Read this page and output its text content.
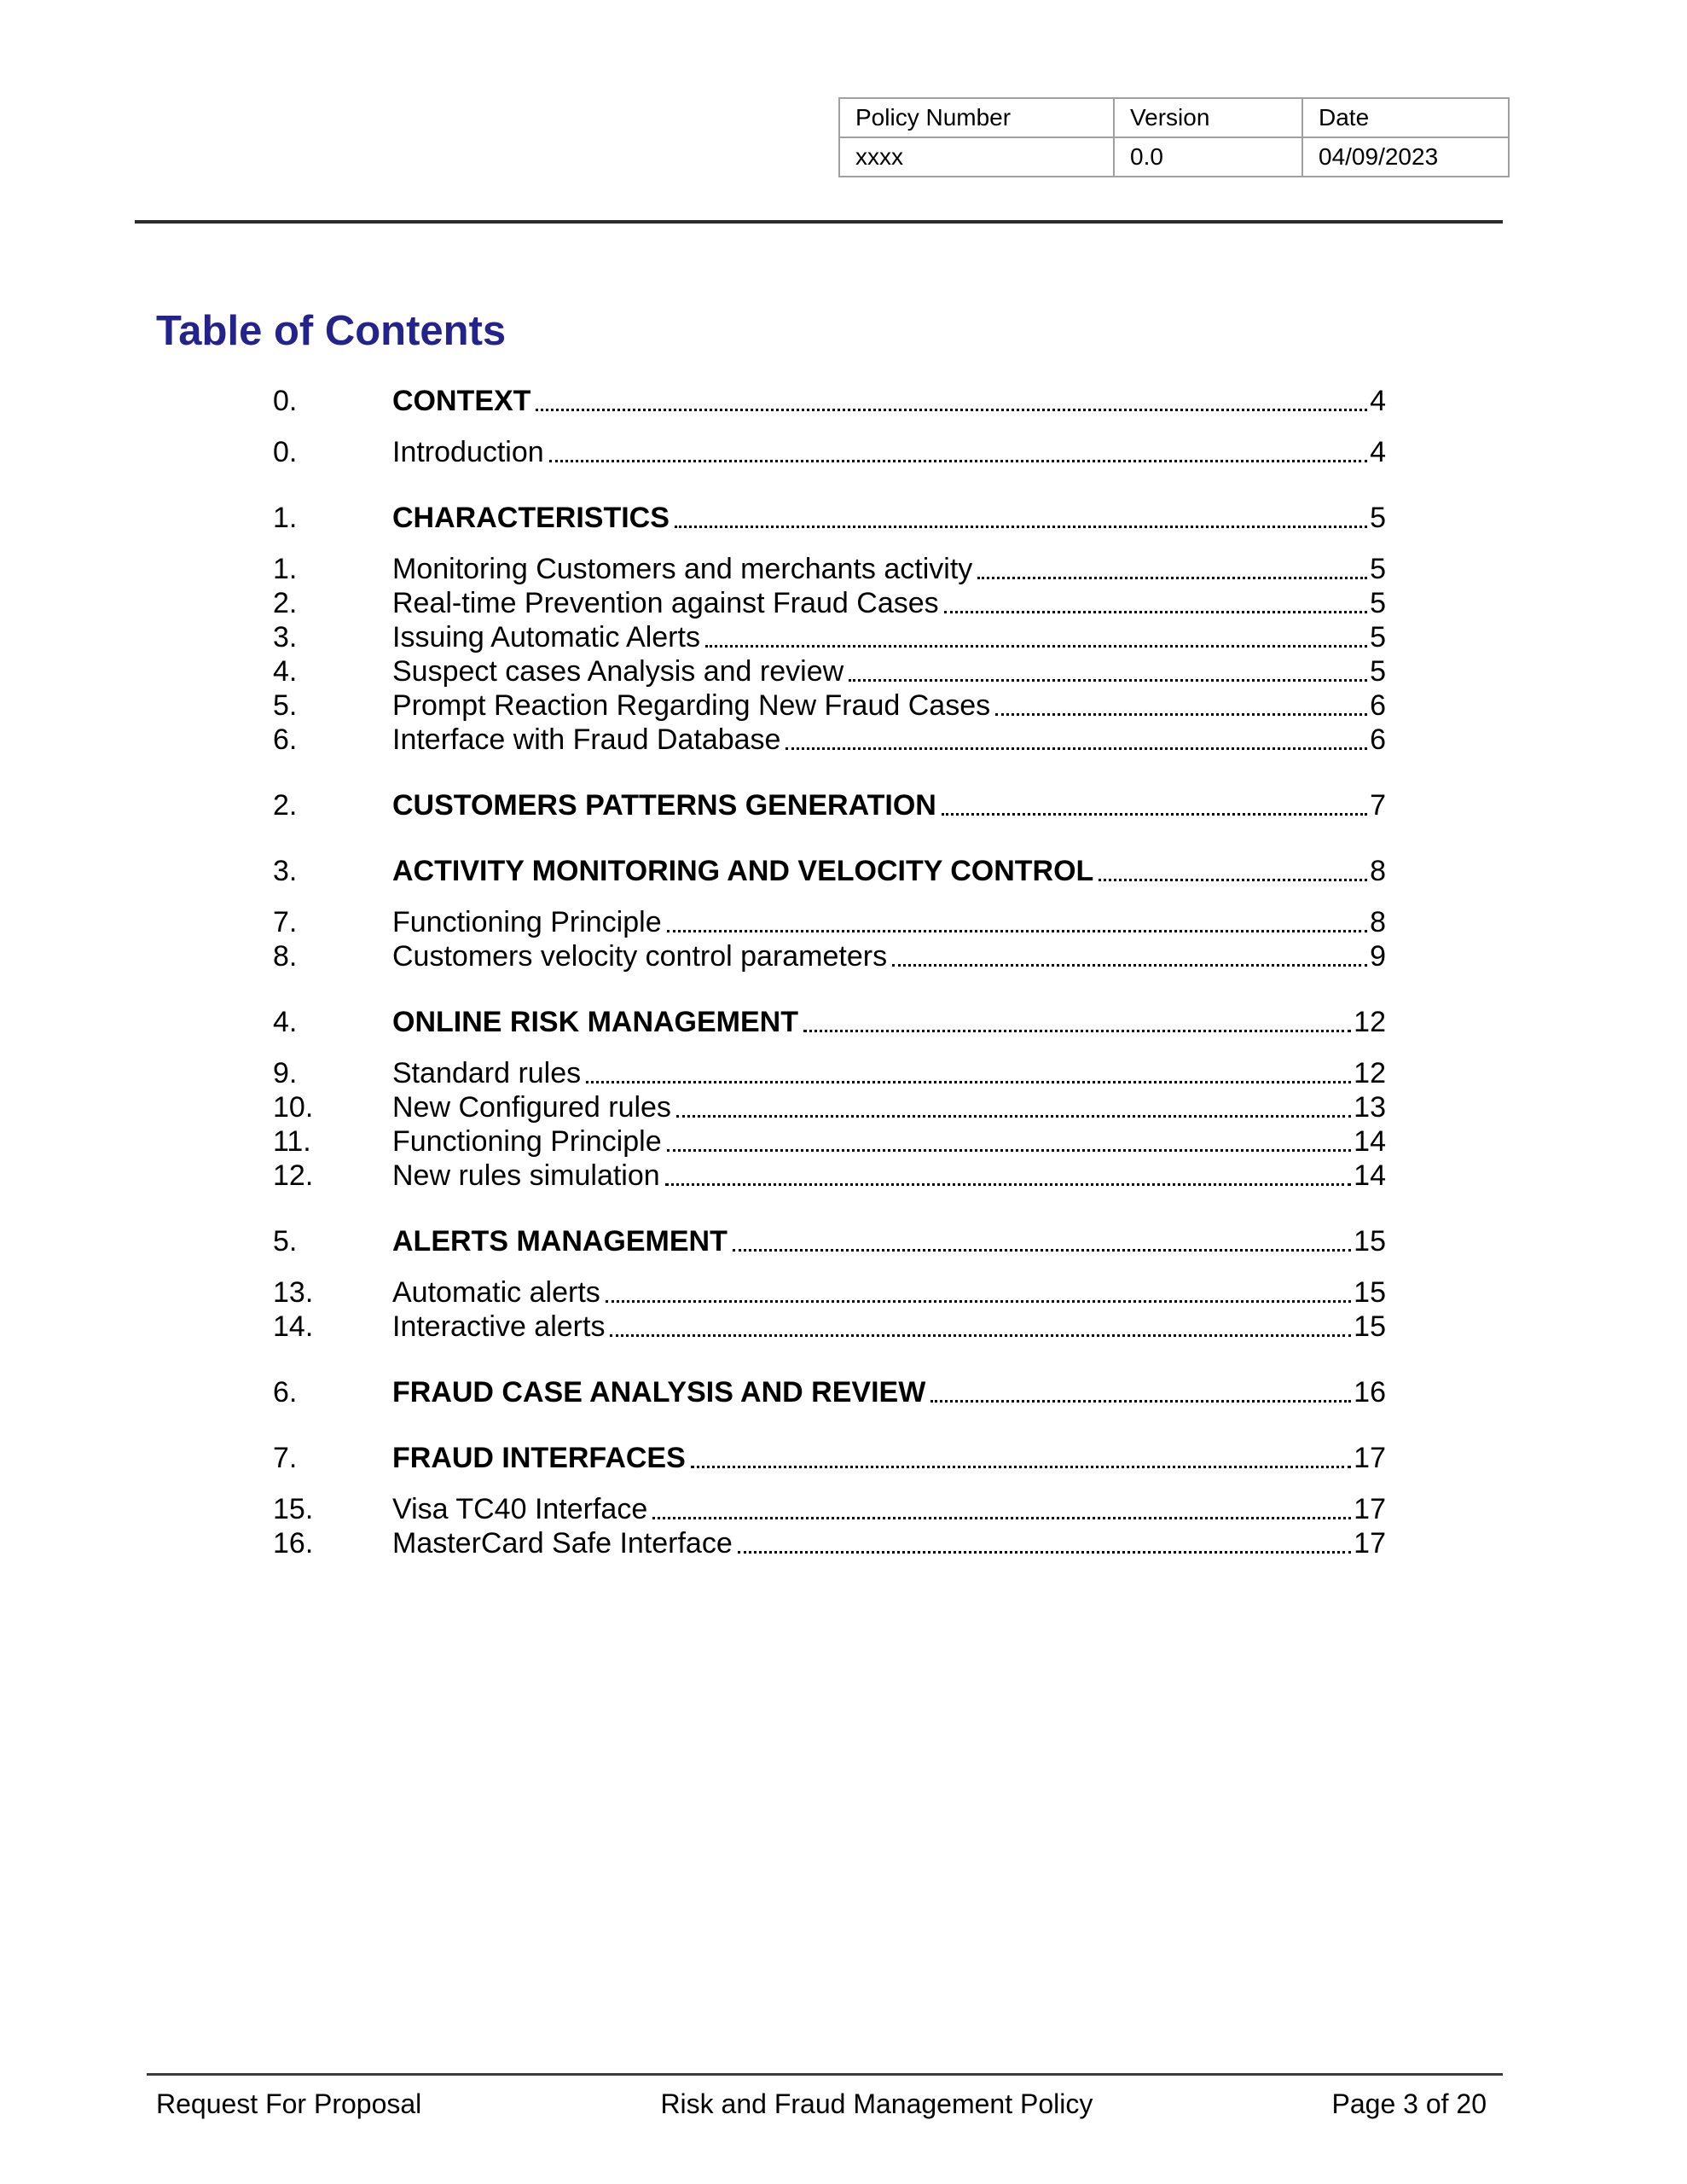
Policy Number	Version	Date
xxxx	0.0	04/09/2023
Table of Contents
0.	CONTEXT	4
0.	Introduction	4
1.	CHARACTERISTICS	5
1.	Monitoring Customers and merchants activity	5
2.	Real-time Prevention against Fraud Cases	5
3.	Issuing Automatic Alerts	5
4.	Suspect cases Analysis and review	5
5.	Prompt Reaction Regarding New Fraud Cases	6
6.	Interface with Fraud Database	6
2.	CUSTOMERS PATTERNS GENERATION	7
3.	ACTIVITY MONITORING AND VELOCITY CONTROL	8
7.	Functioning Principle	8
8.	Customers velocity control parameters	9
4.	ONLINE RISK MANAGEMENT	12
9.	Standard rules	12
10.	New Configured rules	13
11.	Functioning Principle	14
12.	New rules simulation	14
5.	ALERTS MANAGEMENT	15
13.	Automatic alerts	15
14.	Interactive alerts	15
6.	FRAUD CASE ANALYSIS AND REVIEW	16
7.	FRAUD INTERFACES	17
15.	Visa TC40 Interface	17
16.	MasterCard Safe Interface	17
Request For Proposal	Risk and Fraud Management Policy	Page 3 of 20
